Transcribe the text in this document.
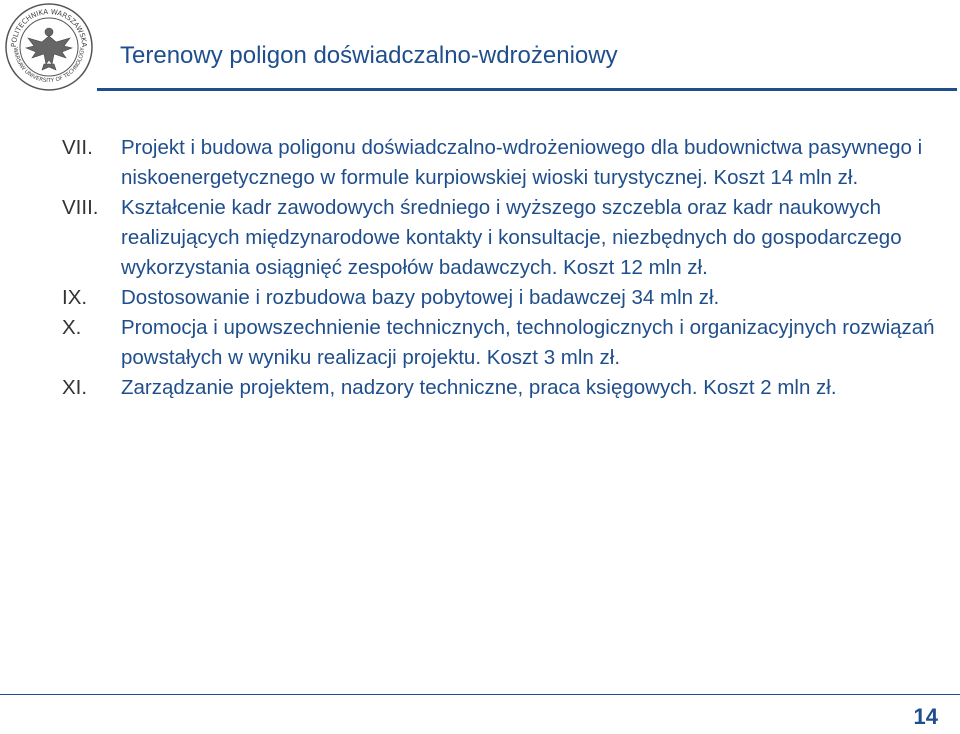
POLITECHNIKA WARSZAWSKA
WARSAW UNIVERSITY OF TECHNOLOGY Terenowy poligon doświadczalno-wdrożeniowy
VII.	Projekt i budowa poligonu doświadczalno-wdrożeniowego dla budownictwa pasywnego i niskoenergetycznego w formule kurpiowskiej wioski turystycznej. Koszt 14 mln zł.
VIII.	Kształcenie kadr zawodowych średniego i wyższego szczebla oraz kadr naukowych realizujących międzynarodowe kontakty i konsultacje, niezbędnych do gospodarczego wykorzystania osiągnięć zespołów badawczych. Koszt 12 mln zł.
IX.	Dostosowanie i rozbudowa bazy pobytowej i badawczej 34 mln zł.
X.	Promocja i upowszechnienie technicznych, technologicznych i organizacyjnych rozwiązań powstałych w wyniku realizacji projektu. Koszt 3 mln zł.
XI.	Zarządzanie projektem, nadzory techniczne, praca księgowych. Koszt 2 mln zł.
14
